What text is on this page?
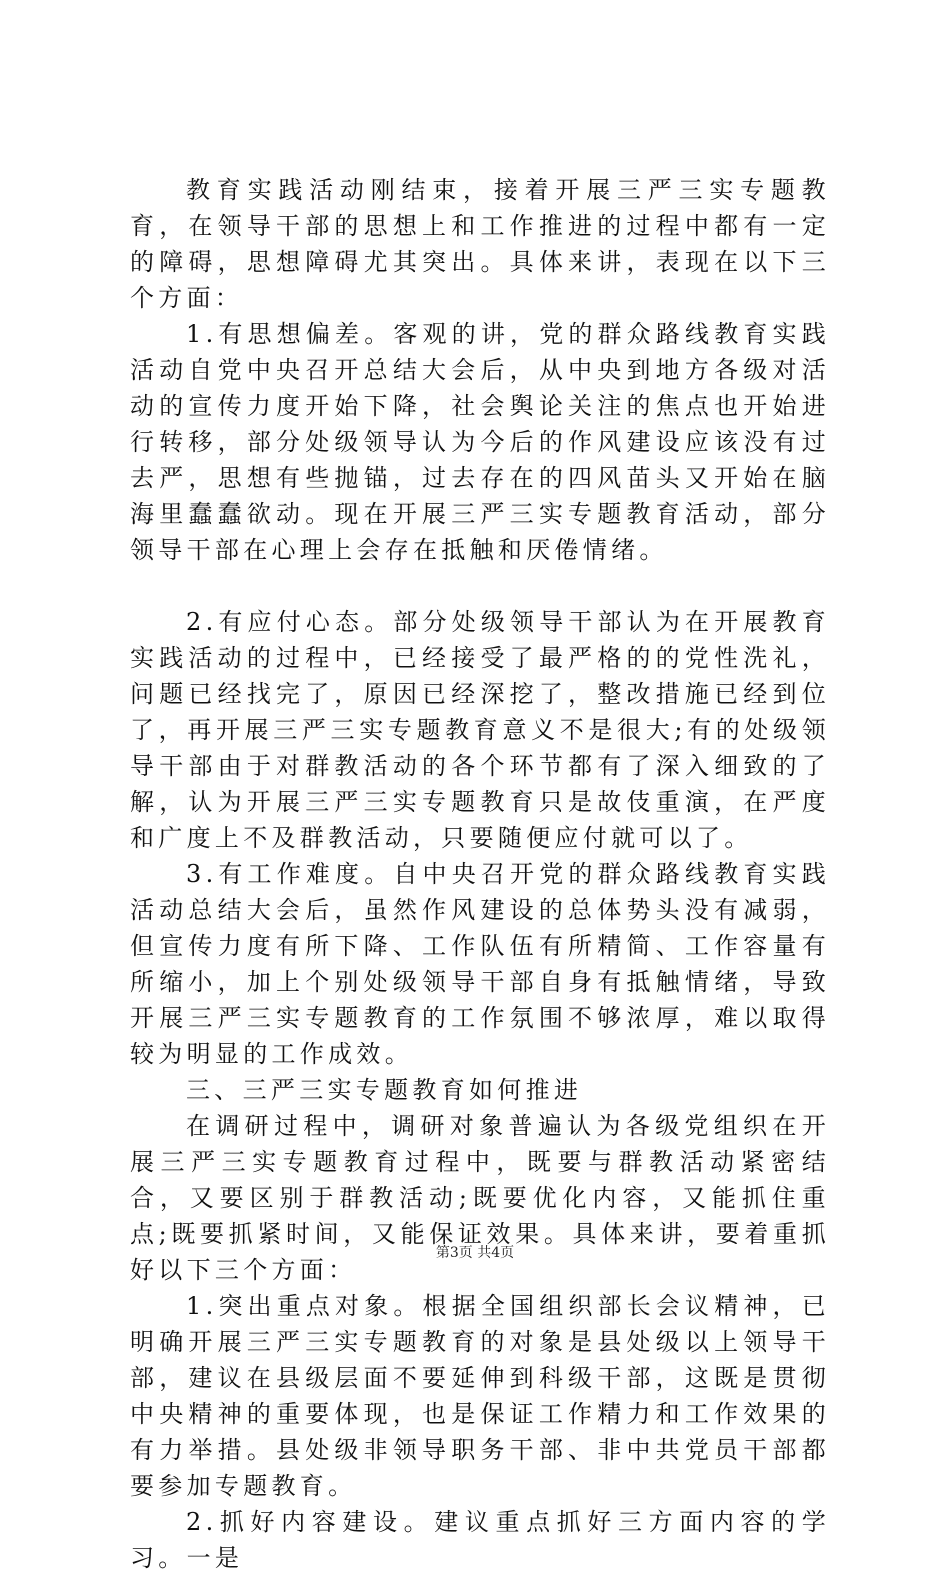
教育实践活动刚结束，接着开展三严三实专题教育，在领导干部的思想上和工作推进的过程中都有一定的障碍，思想障碍尤其突出。具体来讲，表现在以下三个方面：

1.有思想偏差。客观的讲，党的群众路线教育实践活动自党中央召开总结大会后，从中央到地方各级对活动的宣传力度开始下降，社会舆论关注的焦点也开始进行转移，部分处级领导认为今后的作风建设应该没有过去严，思想有些抛锚，过去存在的四风苗头又开始在脑海里蠢蠢欲动。现在开展三严三实专题教育活动，部分领导干部在心理上会存在抵触和厌倦情绪。

2.有应付心态。部分处级领导干部认为在开展教育实践活动的过程中，已经接受了最严格的的党性洗礼，问题已经找完了，原因已经深挖了，整改措施已经到位了，再开展三严三实专题教育意义不是很大;有的处级领导干部由于对群教活动的各个环节都有了深入细致的了解，认为开展三严三实专题教育只是故伎重演，在严度和广度上不及群教活动，只要随便应付就可以了。

3.有工作难度。自中央召开党的群众路线教育实践活动总结大会后，虽然作风建设的总体势头没有减弱，但宣传力度有所下降、工作队伍有所精简、工作容量有所缩小，加上个别处级领导干部自身有抵触情绪，导致开展三严三实专题教育的工作氛围不够浓厚，难以取得较为明显的工作成效。

三、三严三实专题教育如何推进

在调研过程中，调研对象普遍认为各级党组织在开展三严三实专题教育过程中，既要与群教活动紧密结合，又要区别于群教活动;既要优化内容，又能抓住重点;既要抓紧时间，又能保证效果。具体来讲，要着重抓好以下三个方面：

1.突出重点对象。根据全国组织部长会议精神，已明确开展三严三实专题教育的对象是县处级以上领导干部，建议在县级层面不要延伸到科级干部，这既是贯彻中央精神的重要体现，也是保证工作精力和工作效果的有力举措。县处级非领导职务干部、非中共党员干部都要参加专题教育。

2.抓好内容建设。建议重点抓好三方面内容的学习。一是

第3页 共4页
